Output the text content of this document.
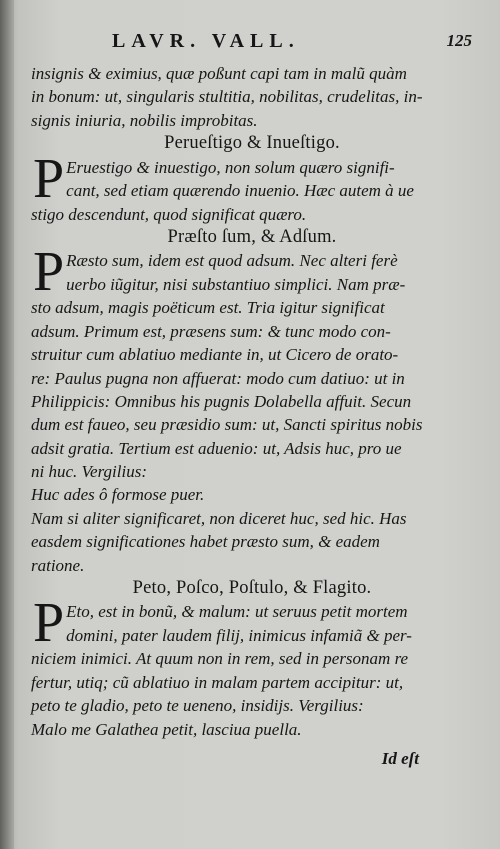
LAVR. VALL.	125
insignis & eximius, quæ poßunt capi tam in malũ quàm
in bonum: ut, singularis stultitia, nobilitas, crudelitas, in-
signis iniuria, nobilis improbitas.
Perueſtigo & Inueſtigo.
P Eruestigo & inuestigo, non solum quæro signifi-
cant, sed etiam quærendo inuenio. Hæc autem à ue
stigo descendunt, quod significat quæro.
Præſto ſum, & Adſum.
P Ræsto sum, idem est quod adsum. Nec alteri ferè
uerbo iũgitur, nisi substantiuo simplici. Nam præ-
sto adsum, magis poëticum est. Tria igitur significat
adsum. Primum est, præsens sum: & tunc modo con-
struitur cum ablatiuo mediante in, ut Cicero de orato-
re: Paulus pugna non affuerat: modo cum datiuo: ut in
Philippicis: Omnibus his pugnis Dolabella affuit. Secun
dum est faueo, seu præsidio sum: ut, Sancti spiritus nobis
adsit gratia. Tertium est aduenio: ut, Adsis huc, pro ue
ni huc. Vergilius:
Huc ades ô formose puer.
Nam si aliter significaret, non diceret huc, sed hic. Has
easdem significationes habet præsto sum, & eadem
ratione.
Peto, Poſco, Poſtulo, & Flagito.
P Eto, est in bonũ, & malum: ut seruus petit mortem
domini, pater laudem filij, inimicus infamiã & per-
niciem inimici. At quum non in rem, sed in personam re
fertur, utiq; cũ ablatiuo in malam partem accipitur: ut,
peto te gladio, peto te ueneno, insidijs. Vergilius:
Malo me Galathea petit, lasciua puella.
Id eſt
